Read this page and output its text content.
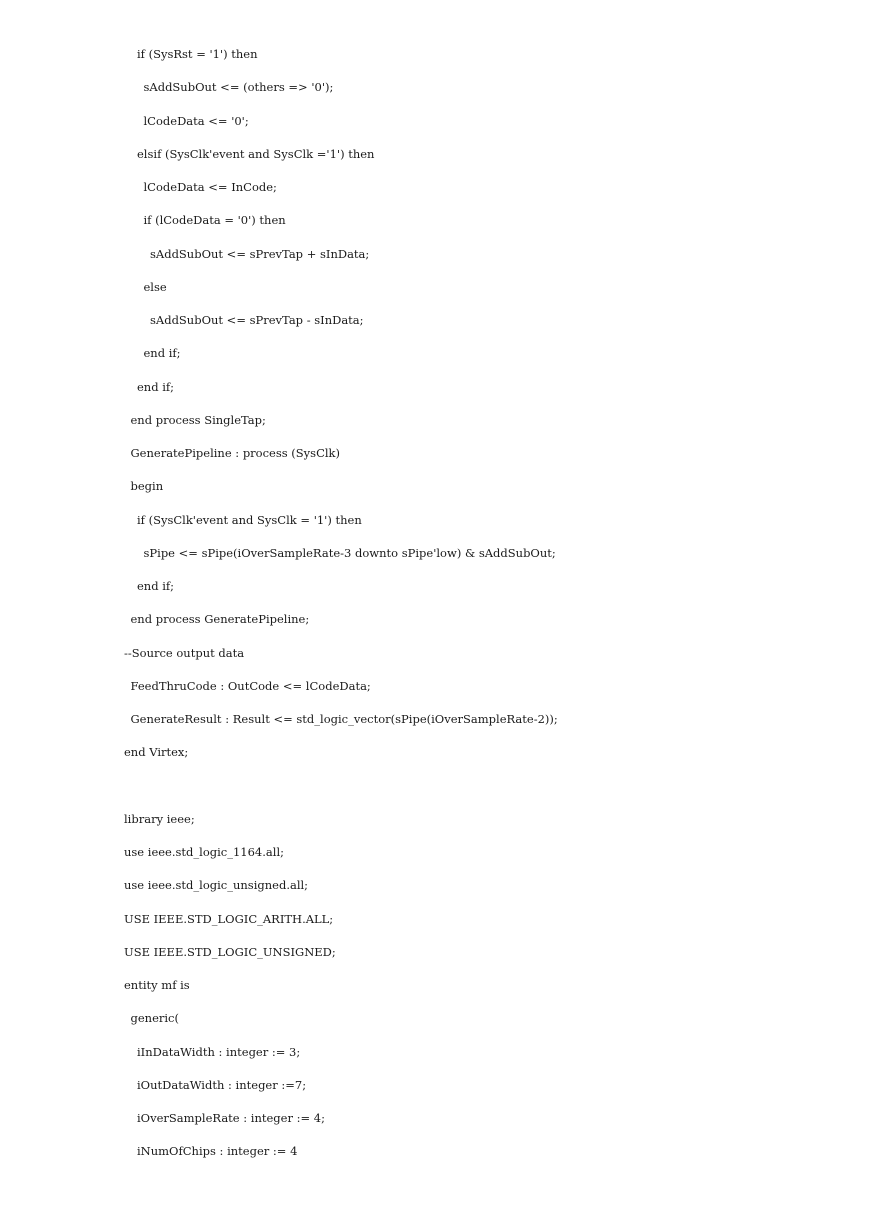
if (SysRst = '1') then
sAddSubOut <= (others => '0');
lCodeData <= '0';
elsif (SysClk'event and SysClk ='1') then
lCodeData <= InCode;
if (lCodeData = '0') then
sAddSubOut <= sPrevTap + sInData;
else
sAddSubOut <= sPrevTap - sInData;
end if;
end if;
end process SingleTap;
GeneratePipeline : process (SysClk)
begin
if (SysClk'event and SysClk = '1') then
sPipe <= sPipe(iOverSampleRate-3 downto sPipe'low) & sAddSubOut;
end if;
end process GeneratePipeline;
--Source output data
FeedThruCode : OutCode <= lCodeData;
GenerateResult : Result <= std_logic_vector(sPipe(iOverSampleRate-2));
end Virtex;
library ieee;
use ieee.std_logic_1164.all;
use ieee.std_logic_unsigned.all;
USE IEEE.STD_LOGIC_ARITH.ALL;
USE IEEE.STD_LOGIC_UNSIGNED;
entity mf is
generic(
iInDataWidth : integer := 3;
iOutDataWidth : integer :=7;
iOverSampleRate : integer := 4;
iNumOfChips : integer := 4
